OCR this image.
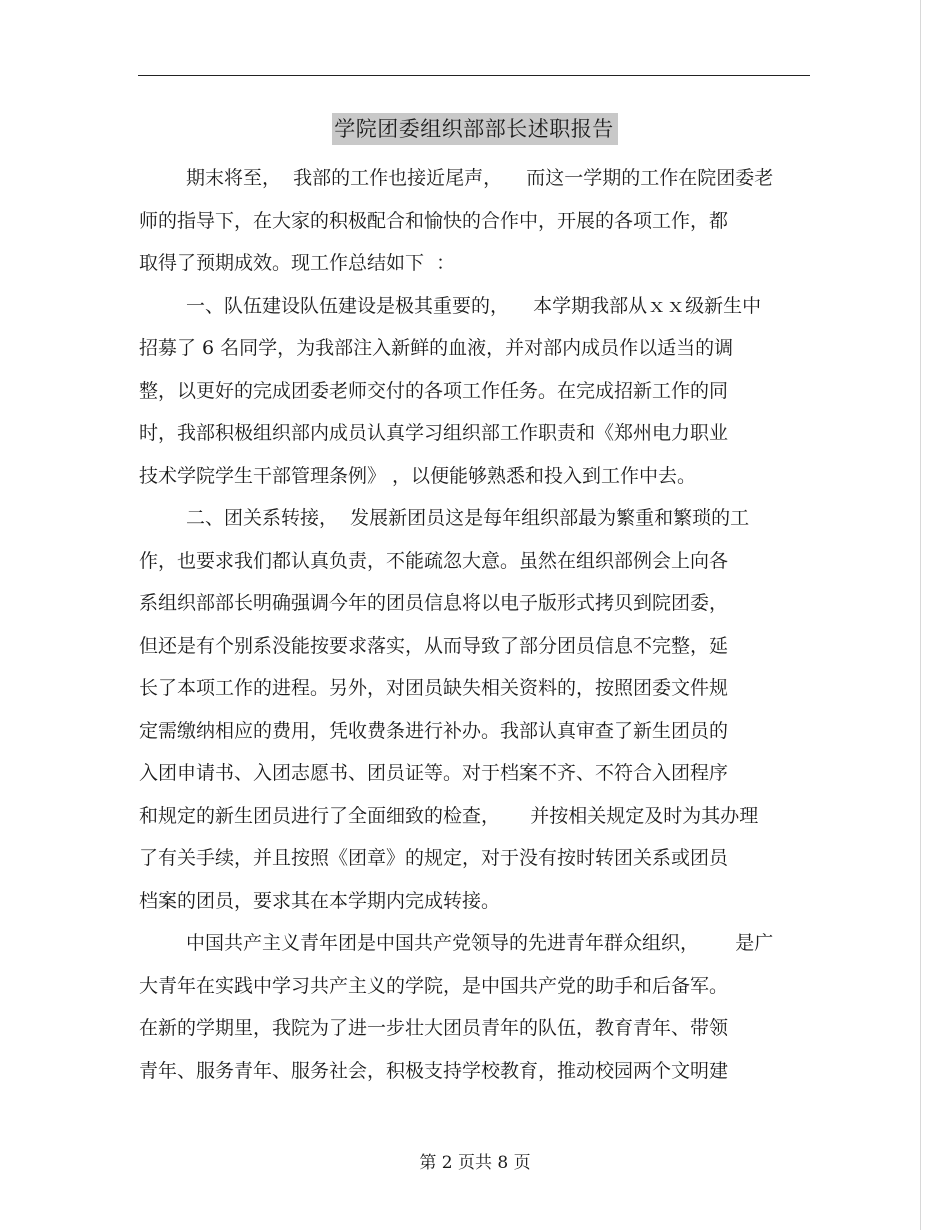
学院团委组织部部长述职报告
期末将至，  我部的工作也接近尾声，    而这一学期的工作在院团委老
师的指导下，在大家的积极配合和愉快的合作中，开展的各项工作，都
取得了预期成效。现工作总结如下  ：
一、队伍建设队伍建设是极其重要的，    本学期我部从ｘｘ级新生中
招募了 6 名同学，为我部注入新鲜的血液，并对部内成员作以适当的调
整，以更好的完成团委老师交付的各项工作任务。在完成招新工作的同
时，我部积极组织部内成员认真学习组织部工作职责和《郑州电力职业
技术学院学生干部管理条例》 ，以便能够熟悉和投入到工作中去。
二、团关系转接，  发展新团员这是每年组织部最为繁重和繁琐的工
作，也要求我们都认真负责，不能疏忽大意。虽然在组织部例会上向各
系组织部部长明确强调今年的团员信息将以电子版形式拷贝到院团委，
但还是有个别系没能按要求落实，从而导致了部分团员信息不完整，延
长了本项工作的进程。另外，对团员缺失相关资料的，按照团委文件规
定需缴纳相应的费用，凭收费条进行补办。我部认真审查了新生团员的
入团申请书、入团志愿书、团员证等。对于档案不齐、不符合入团程序
和规定的新生团员进行了全面细致的检查，     并按相关规定及时为其办理
了有关手续，并且按照《团章》的规定，对于没有按时转团关系或团员
档案的团员，要求其在本学期内完成转接。
中国共产主义青年团是中国共产党领导的先进青年群众组织，      是广
大青年在实践中学习共产主义的学院，是中国共产党的助手和后备军。
在新的学期里，我院为了进一步壮大团员青年的队伍，教育青年、带领
青年、服务青年、服务社会，积极支持学校教育，推动校园两个文明建
第 2 页共 8 页
